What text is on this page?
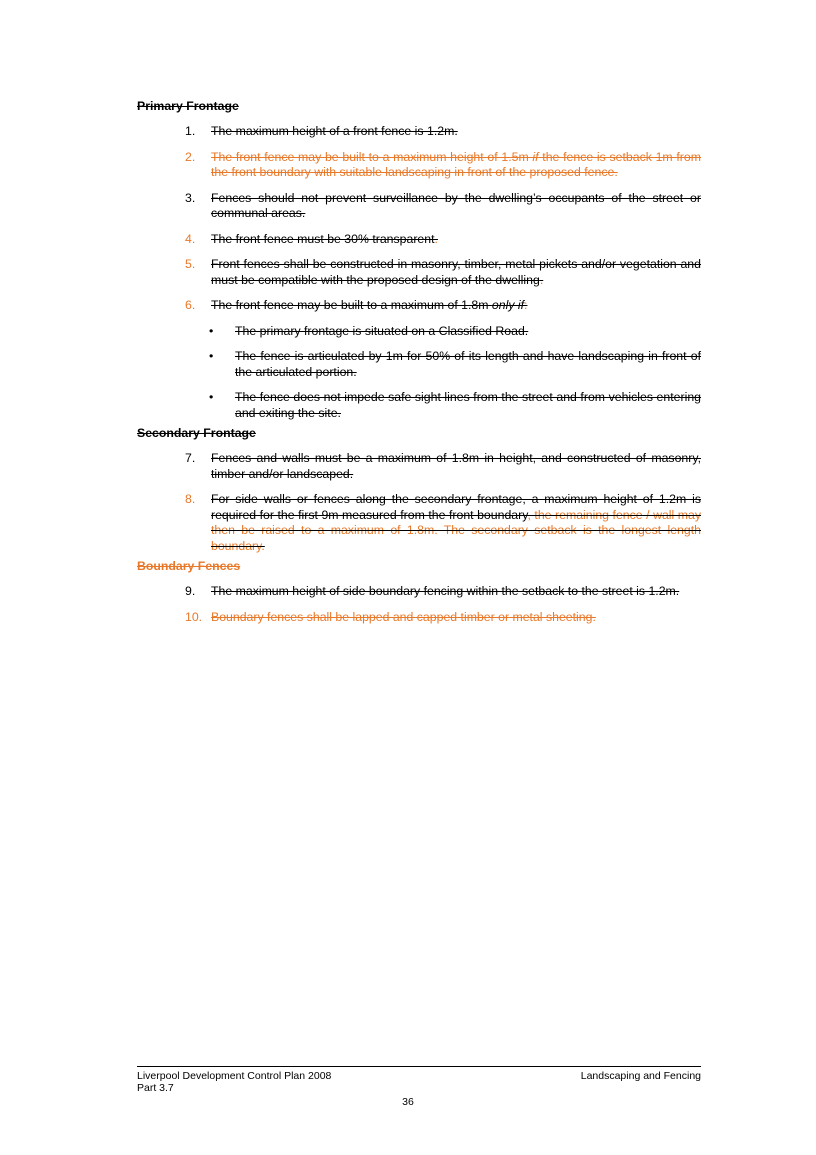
Primary Frontage
1. The maximum height of a front fence is 1.2m.
2. The front fence may be built to a maximum height of 1.5m if the fence is setback 1m from the front boundary with suitable landscaping in front of the proposed fence.
3. Fences should not prevent surveillance by the dwelling’s occupants of the street or communal areas.
4. The front fence must be 30% transparent.
5. Front fences shall be constructed in masonry, timber, metal pickets and/or vegetation and must be compatible with the proposed design of the dwelling.
6. The front fence may be built to a maximum of 1.8m only if:
• The primary frontage is situated on a Classified Road.
• The fence is articulated by 1m for 50% of its length and have landscaping in front of the articulated portion.
• The fence does not impede safe sight lines from the street and from vehicles entering and exiting the site.
Secondary Frontage
7. Fences and walls must be a maximum of 1.8m in height, and constructed of masonry, timber and/or landscaped.
8. For side walls or fences along the secondary frontage, a maximum height of 1.2m is required for the first 9m measured from the front boundary, the remaining fence / wall may then be raised to a maximum of 1.8m. The secondary setback is the longest length boundary.
Boundary Fences
9. The maximum height of side boundary fencing within the setback to the street is 1.2m.
10. Boundary fences shall be lapped and capped timber or metal sheeting.
Liverpool Development Control Plan 2008	Landscaping and Fencing
Part 3.7
36
